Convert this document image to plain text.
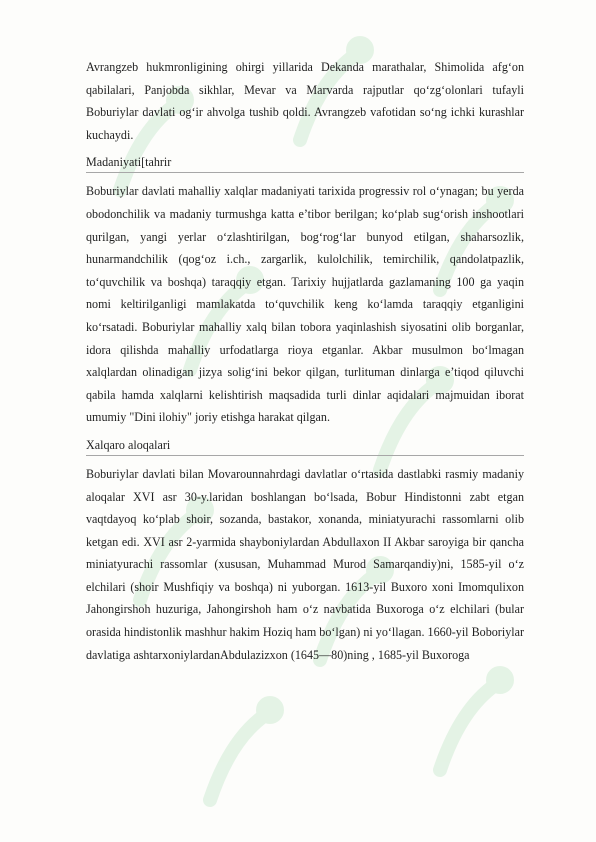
Avrangzeb hukmronligining ohirgi yillarida Dekanda marathalar, Shimolida afg‘on qabilalari, Panjobda sikhlar, Mevar va Marvarda rajputlar qo‘zg‘olonlari tufayli Boburiylar davlati og‘ir ahvolga tushib qoldi. Avrangzeb vafotidan so‘ng ichki kurashlar kuchaydi.

Madaniyati[tahrir

Boburiylar davlati mahalliy xalqlar madaniyati tarixida progressiv rol o‘ynagan; bu yerda obodonchilik va madaniy turmushga katta e’tibor berilgan; ko‘plab sug‘orish inshootlari qurilgan, yangi yerlar o‘zlashtirilgan, bog‘rog‘lar bunyod etilgan, shaharsozlik, hunarmandchilik (qog‘oz i.ch., zargarlik, kulolchilik, temirchilik, qandolatpazlik, to‘quvchilik va boshqa) taraqqiy etgan. Tarixiy hujjatlarda gazlamaning 100 ga yaqin nomi keltirilganligi mamlakatda to‘quvchilik keng ko‘lamda taraqqiy etganligini ko‘rsatadi. Boburiylar mahalliy xalq bilan tobora yaqinlashish siyosatini olib borganlar, idora qilishda mahalliy urfodatlarga rioya etganlar. Akbar musulmon bo‘lmagan xalqlardan olinadigan jizya solig‘ini bekor qilgan, turlituman dinlarga e’tiqod qiluvchi qabila hamda xalqlarni kelishtirish maqsadida turli dinlar aqidalari majmuidan iborat umumiy "Dini ilohiy" joriy etishga harakat qilgan.

Xalqaro aloqalari

Boburiylar davlati bilan Movarounnahrdagi davlatlar o‘rtasida dastlabki rasmiy madaniy aloqalar XVI asr 30-y.laridan boshlangan bo‘lsada, Bobur Hindistonni zabt etgan vaqtdayoq ko‘plab shoir, sozanda, bastakor, xonanda, miniatyurachi rassomlarni olib ketgan edi. XVI asr 2-yarmida shayboniylardan Abdullaxon II Akbar saroyiga bir qancha miniatyurachi rassomlar (xususan, Muhammad Murod Samarqandiy)ni, 1585-yil o‘z elchilari (shoir Mushfiqiy va boshqa) ni yuborgan. 1613-yil Buxoro xoni Imomqulixon Jahongirshoh huzuriga, Jahongirshoh ham o‘z navbatida Buxoroga o‘z elchilari (bular orasida hindistonlik mashhur hakim Hoziq ham bo‘lgan) ni yo‘llagan. 1660-yil Boboriylar davlatiga ashtarxoniylardanAbdulazizxon (1645—80)ning , 1685-yil Buxoroga
